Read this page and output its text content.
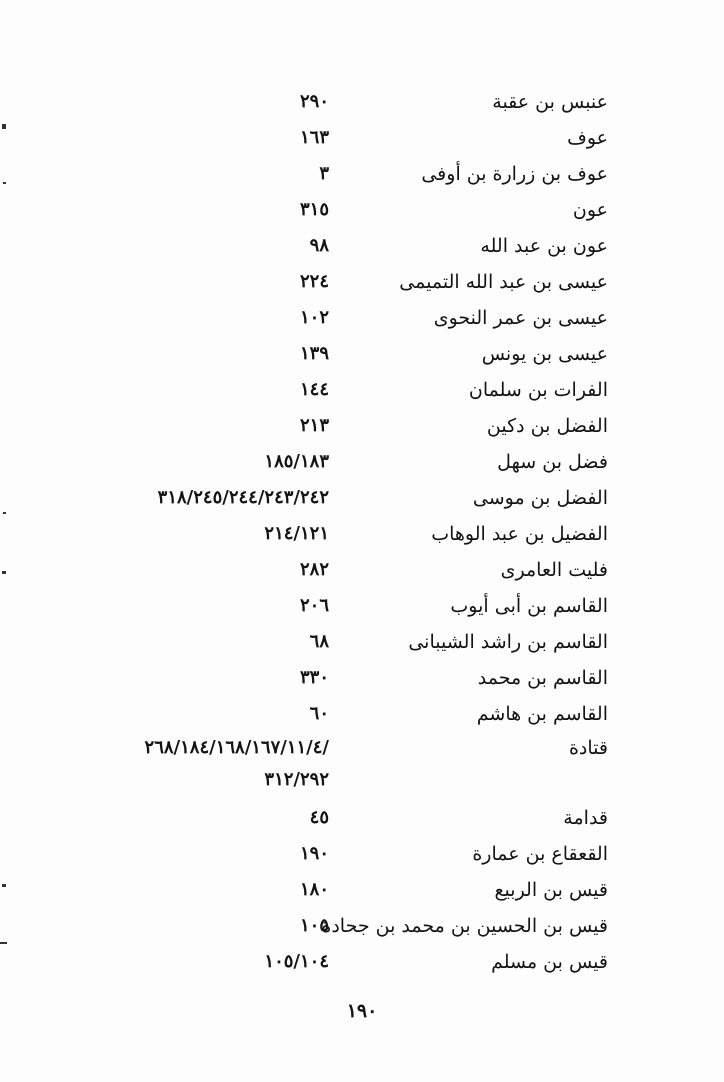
عنبس بن عقبة
٢٩٠
عوف
١٦٣
عوف بن زرارة بن أوفى
٣
عون
٣١٥
عون بن عبد الله
٩٨
عيسى بن عبد الله التميمى
٢٢٤
عيسى بن عمر النحوى
١٠٢
عيسى بن يونس
١٣٩
الفرات بن سلمان
١٤٤
الفضل بن دكين
٢١٣
فضل بن سهل
١٨٥/١٨٣
الفضل بن موسى
٣١٨/٢٤٥/٢٤٤/٢٤٣/٢٤٢
الفضيل بن عبد الوهاب
٢١٤/١٢١
فليت العامرى
٢٨٢
القاسم بن أبى أيوب
٢٠٦
القاسم بن راشد الشيبانى
٦٨
القاسم بن محمد
٣٣٠
القاسم بن هاشم
٦٠
قتادة
/٢٦٨/١٨٤/١٦٨/١٦٧/١١/٤
٣١٢/٢٩٢
قدامة
٤٥
القعقاع بن عمارة
١٩٠
قيس بن الربيع
١٨٠
قيس بن الحسين بن محمد بن جحادة
١٠٥
قيس بن مسلم
١٠٥/١٠٤
١٩٠
